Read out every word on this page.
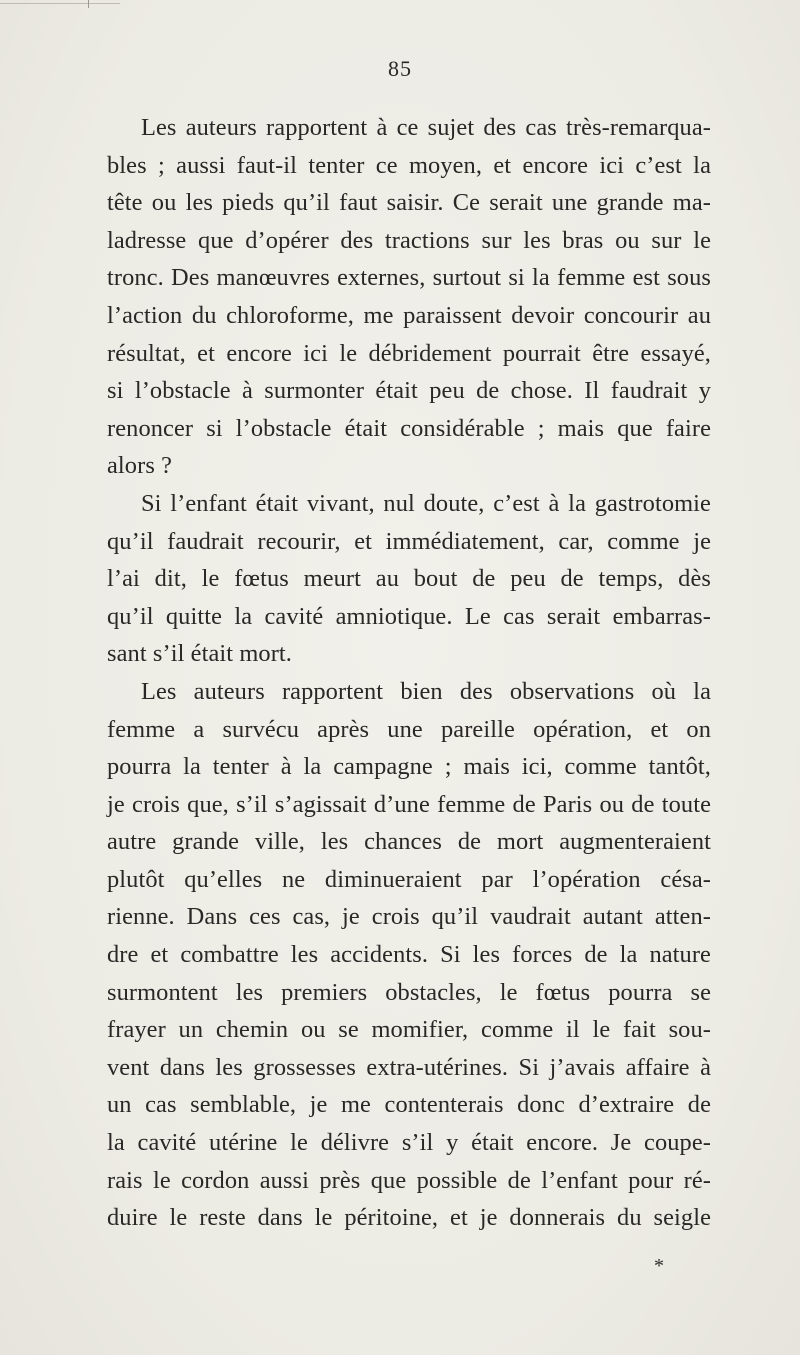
85
Les auteurs rapportent à ce sujet des cas très-remarqua-
bles ; aussi faut-il tenter ce moyen, et encore ici c’est la
tête ou les pieds qu’il faut saisir. Ce serait une grande ma-
ladresse que d’opérer des tractions sur les bras ou sur le
tronc. Des manœuvres externes, surtout si la femme est sous
l’action du chloroforme, me paraissent devoir concourir au
résultat, et encore ici le débridement pourrait être essayé,
si l’obstacle à surmonter était peu de chose. Il faudrait y
renoncer si l’obstacle était considérable ; mais que faire
alors ?
Si l’enfant était vivant, nul doute, c’est à la gastrotomie
qu’il faudrait recourir, et immédiatement, car, comme je
l’ai dit, le fœtus meurt au bout de peu de temps, dès
qu’il quitte la cavité amniotique. Le cas serait embarras-
sant s’il était mort.
Les auteurs rapportent bien des observations où la
femme a survécu après une pareille opération, et on
pourra la tenter à la campagne ; mais ici, comme tantôt,
je crois que, s’il s’agissait d’une femme de Paris ou de toute
autre grande ville, les chances de mort augmenteraient
plutôt qu’elles ne diminueraient par l’opération césa-
rienne. Dans ces cas, je crois qu’il vaudrait autant atten-
dre et combattre les accidents. Si les forces de la nature
surmontent les premiers obstacles, le fœtus pourra se
frayer un chemin ou se momifier, comme il le fait sou-
vent dans les grossesses extra-utérines. Si j’avais affaire à
un cas semblable, je me contenterais donc d’extraire de
la cavité utérine le délivre s’il y était encore. Je coupe-
rais le cordon aussi près que possible de l’enfant pour ré-
duire le reste dans le péritoine, et je donnerais du seigle
*
